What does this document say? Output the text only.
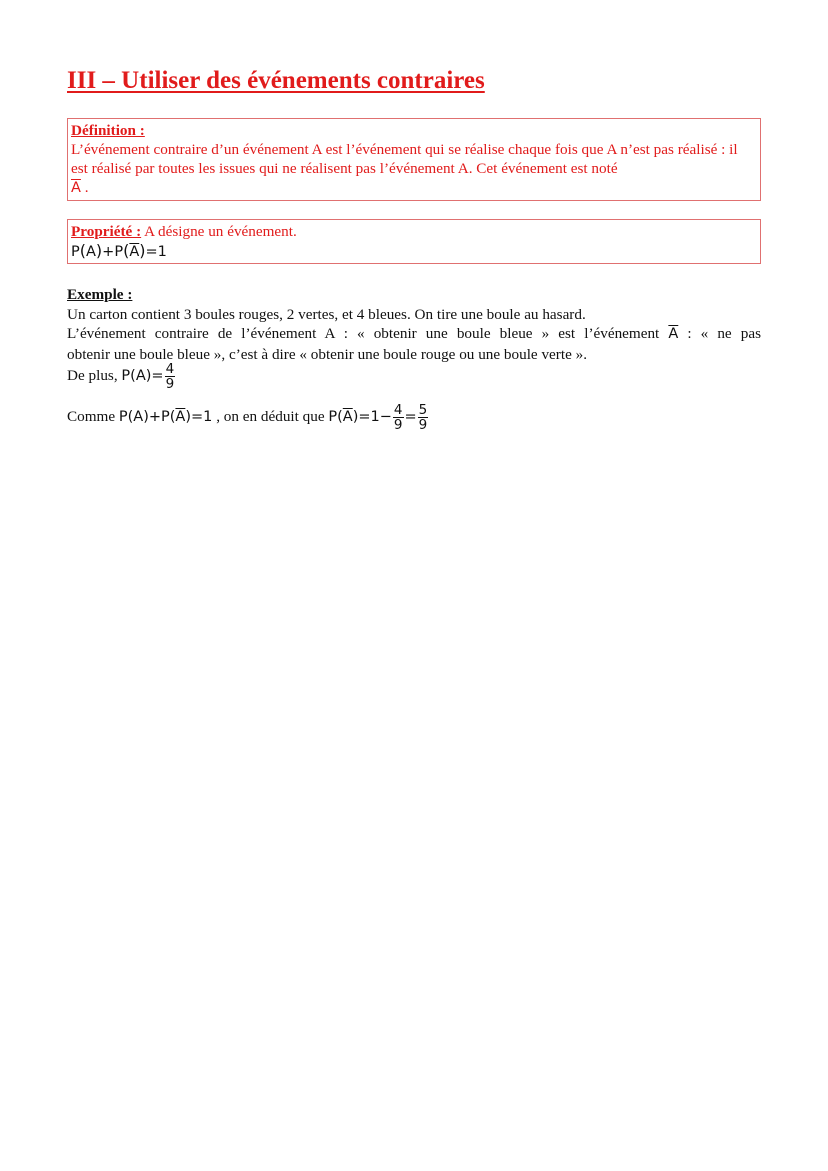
III – Utiliser des événements contraires
Définition :
L’événement contraire d’un événement A est l’événement qui se réalise chaque fois que A n’est pas réalisé : il est réalisé par toutes les issues qui ne réalisent pas l’événement A. Cet événement est noté
$\overline{A}$ .
Propriété : A désigne un événement.
$P(A)+P(\overline{A})=1$
Exemple :
Un carton contient 3 boules rouges, 2 vertes, et 4 bleues. On tire une boule au hasard.

L’événement contraire de l’événement A : « obtenir une boule bleue » est l’événement $\overline{A}$ : « ne pas
obtenir une boule bleue », c’est à dire « obtenir une boule rouge ou une boule verte ».
De plus, $P(A)= \frac{4}{9}$
Comme $P(A)+P(\overline{A})=1$ , on en déduit que $P(\overline{A})=1- \frac{4}{9} = \frac{5}{9}$
